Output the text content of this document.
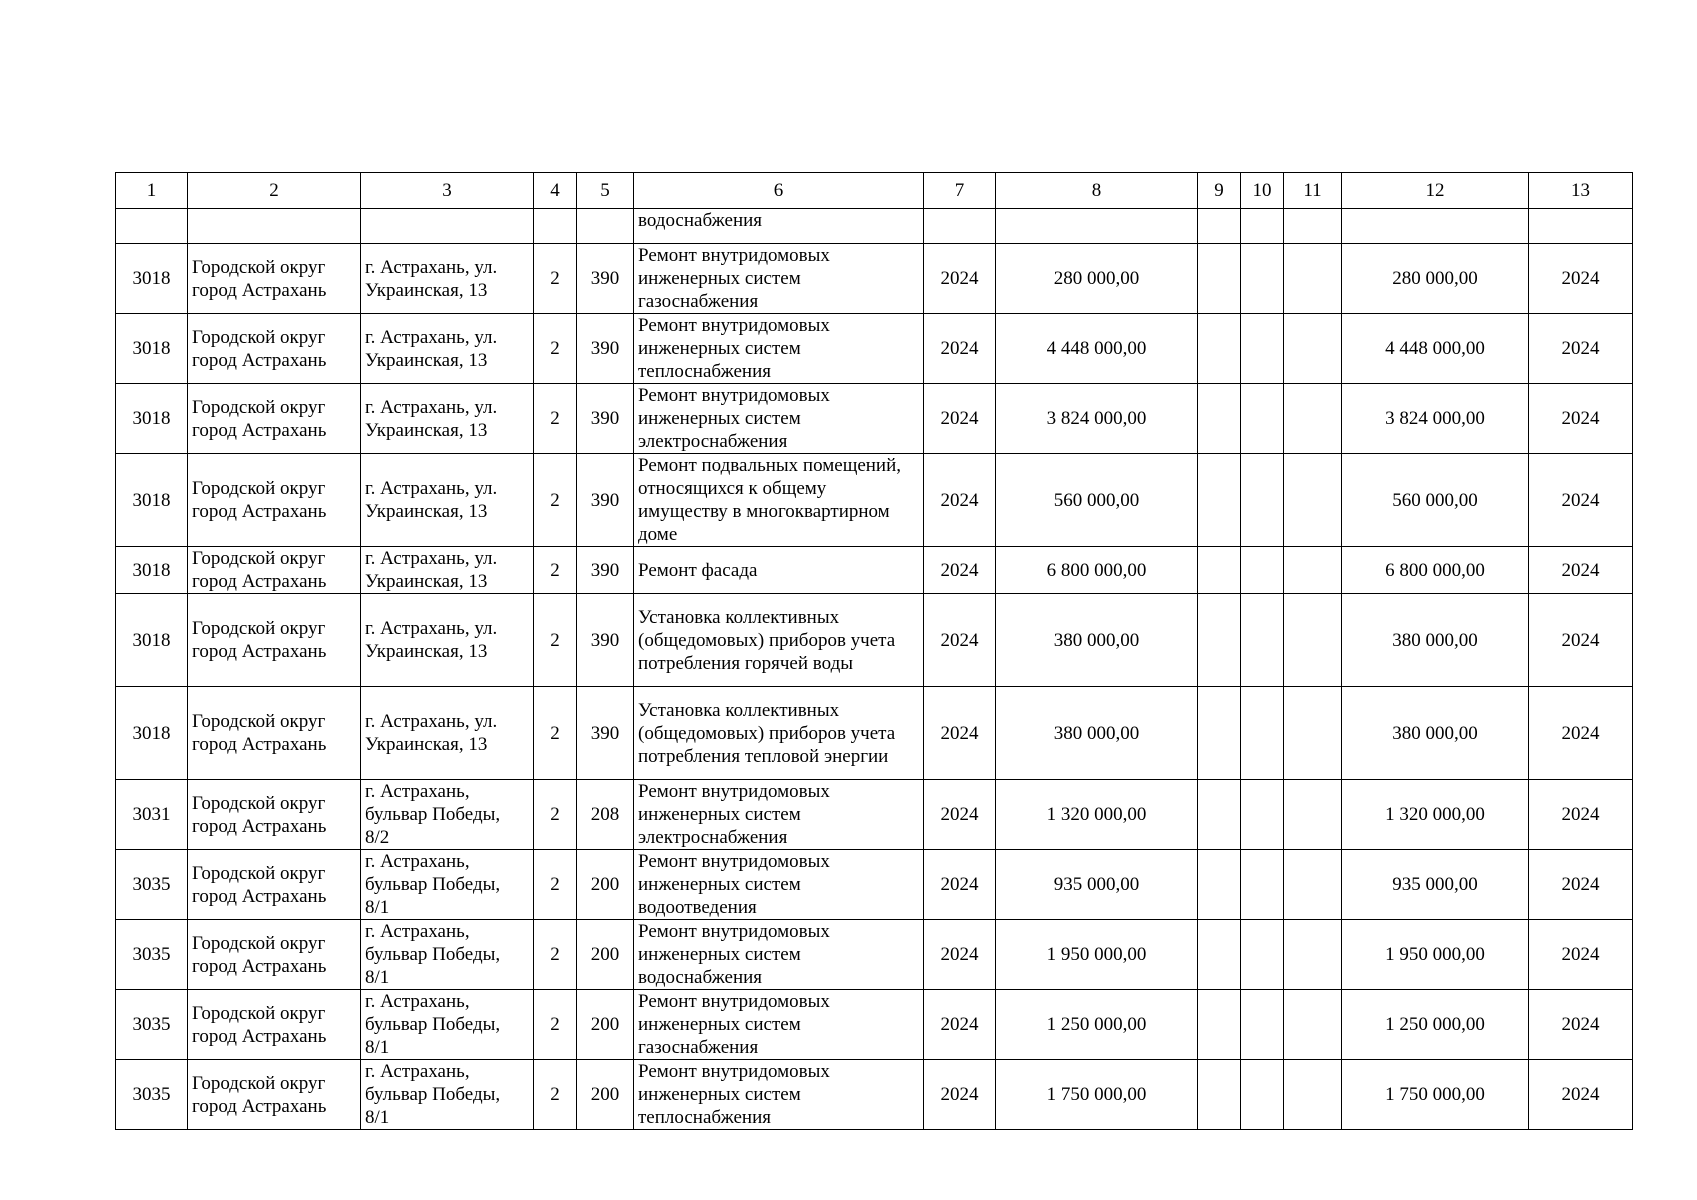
1	2	3	4	5	6	7	8	9	10	11	12	13
					водоснабжения							
3018	Городской округ город Астрахань	г. Астрахань, ул. Украинская, 13	2	390	Ремонт внутридомовых инженерных систем газоснабжения	2024	280 000,00				280 000,00	2024
3018	Городской округ город Астрахань	г. Астрахань, ул. Украинская, 13	2	390	Ремонт внутридомовых инженерных систем теплоснабжения	2024	4 448 000,00				4 448 000,00	2024
3018	Городской округ город Астрахань	г. Астрахань, ул. Украинская, 13	2	390	Ремонт внутридомовых инженерных систем электроснабжения	2024	3 824 000,00				3 824 000,00	2024
3018	Городской округ город Астрахань	г. Астрахань, ул. Украинская, 13	2	390	Ремонт подвальных помещений, относящихся к общему имуществу в многоквартирном доме	2024	560 000,00				560 000,00	2024
3018	Городской округ город Астрахань	г. Астрахань, ул. Украинская, 13	2	390	Ремонт фасада	2024	6 800 000,00				6 800 000,00	2024
3018	Городской округ город Астрахань	г. Астрахань, ул. Украинская, 13	2	390	Установка коллективных (общедомовых) приборов учета потребления горячей воды	2024	380 000,00				380 000,00	2024
3018	Городской округ город Астрахань	г. Астрахань, ул. Украинская, 13	2	390	Установка коллективных (общедомовых) приборов учета потребления тепловой энергии	2024	380 000,00				380 000,00	2024
3031	Городской округ город Астрахань	г. Астрахань, бульвар Победы, 8/2	2	208	Ремонт внутридомовых инженерных систем электроснабжения	2024	1 320 000,00				1 320 000,00	2024
3035	Городской округ город Астрахань	г. Астрахань, бульвар Победы, 8/1	2	200	Ремонт внутридомовых инженерных систем водоотведения	2024	935 000,00				935 000,00	2024
3035	Городской округ город Астрахань	г. Астрахань, бульвар Победы, 8/1	2	200	Ремонт внутридомовых инженерных систем водоснабжения	2024	1 950 000,00				1 950 000,00	2024
3035	Городской округ город Астрахань	г. Астрахань, бульвар Победы, 8/1	2	200	Ремонт внутридомовых инженерных систем газоснабжения	2024	1 250 000,00				1 250 000,00	2024
3035	Городской округ город Астрахань	г. Астрахань, бульвар Победы, 8/1	2	200	Ремонт внутридомовых инженерных систем теплоснабжения	2024	1 750 000,00				1 750 000,00	2024
